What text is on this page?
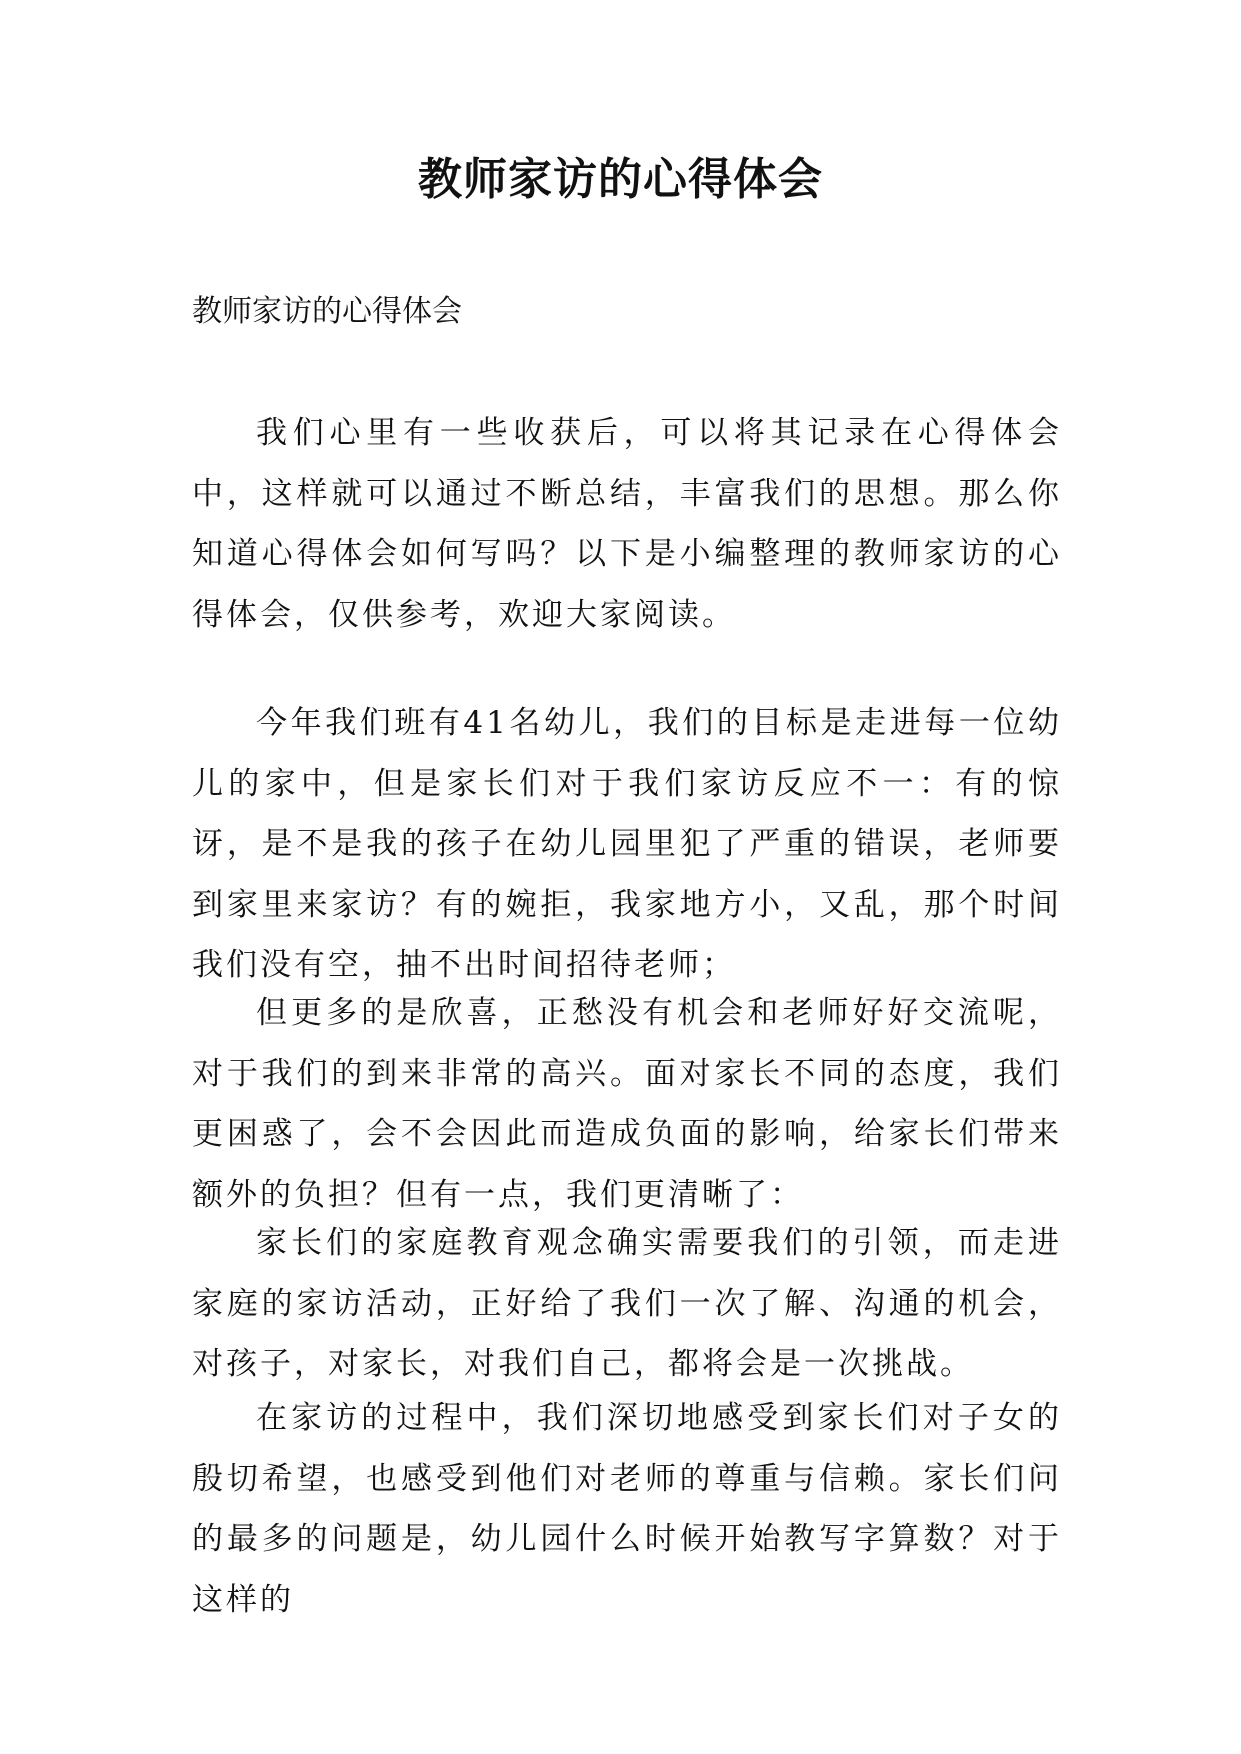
教师家访的心得体会

教师家访的心得体会

我们心里有一些收获后，可以将其记录在心得体会中，这样就可以通过不断总结，丰富我们的思想。那么你知道心得体会如何写吗？以下是小编整理的教师家访的心得体会，仅供参考，欢迎大家阅读。

今年我们班有41名幼儿，我们的目标是走进每一位幼儿的家中，但是家长们对于我们家访反应不一：有的惊讶，是不是我的孩子在幼儿园里犯了严重的错误，老师要到家里来家访？有的婉拒，我家地方小，又乱，那个时间我们没有空，抽不出时间招待老师；

但更多的是欣喜，正愁没有机会和老师好好交流呢，对于我们的到来非常的高兴。面对家长不同的态度，我们更困惑了，会不会因此而造成负面的影响，给家长们带来额外的负担？但有一点，我们更清晰了：

家长们的家庭教育观念确实需要我们的引领，而走进家庭的家访活动，正好给了我们一次了解、沟通的机会，对孩子，对家长，对我们自己，都将会是一次挑战。

在家访的过程中，我们深切地感受到家长们对子女的殷切希望，也感受到他们对老师的尊重与信赖。家长们问的最多的问题是，幼儿园什么时候开始教写字算数？对于这样的
